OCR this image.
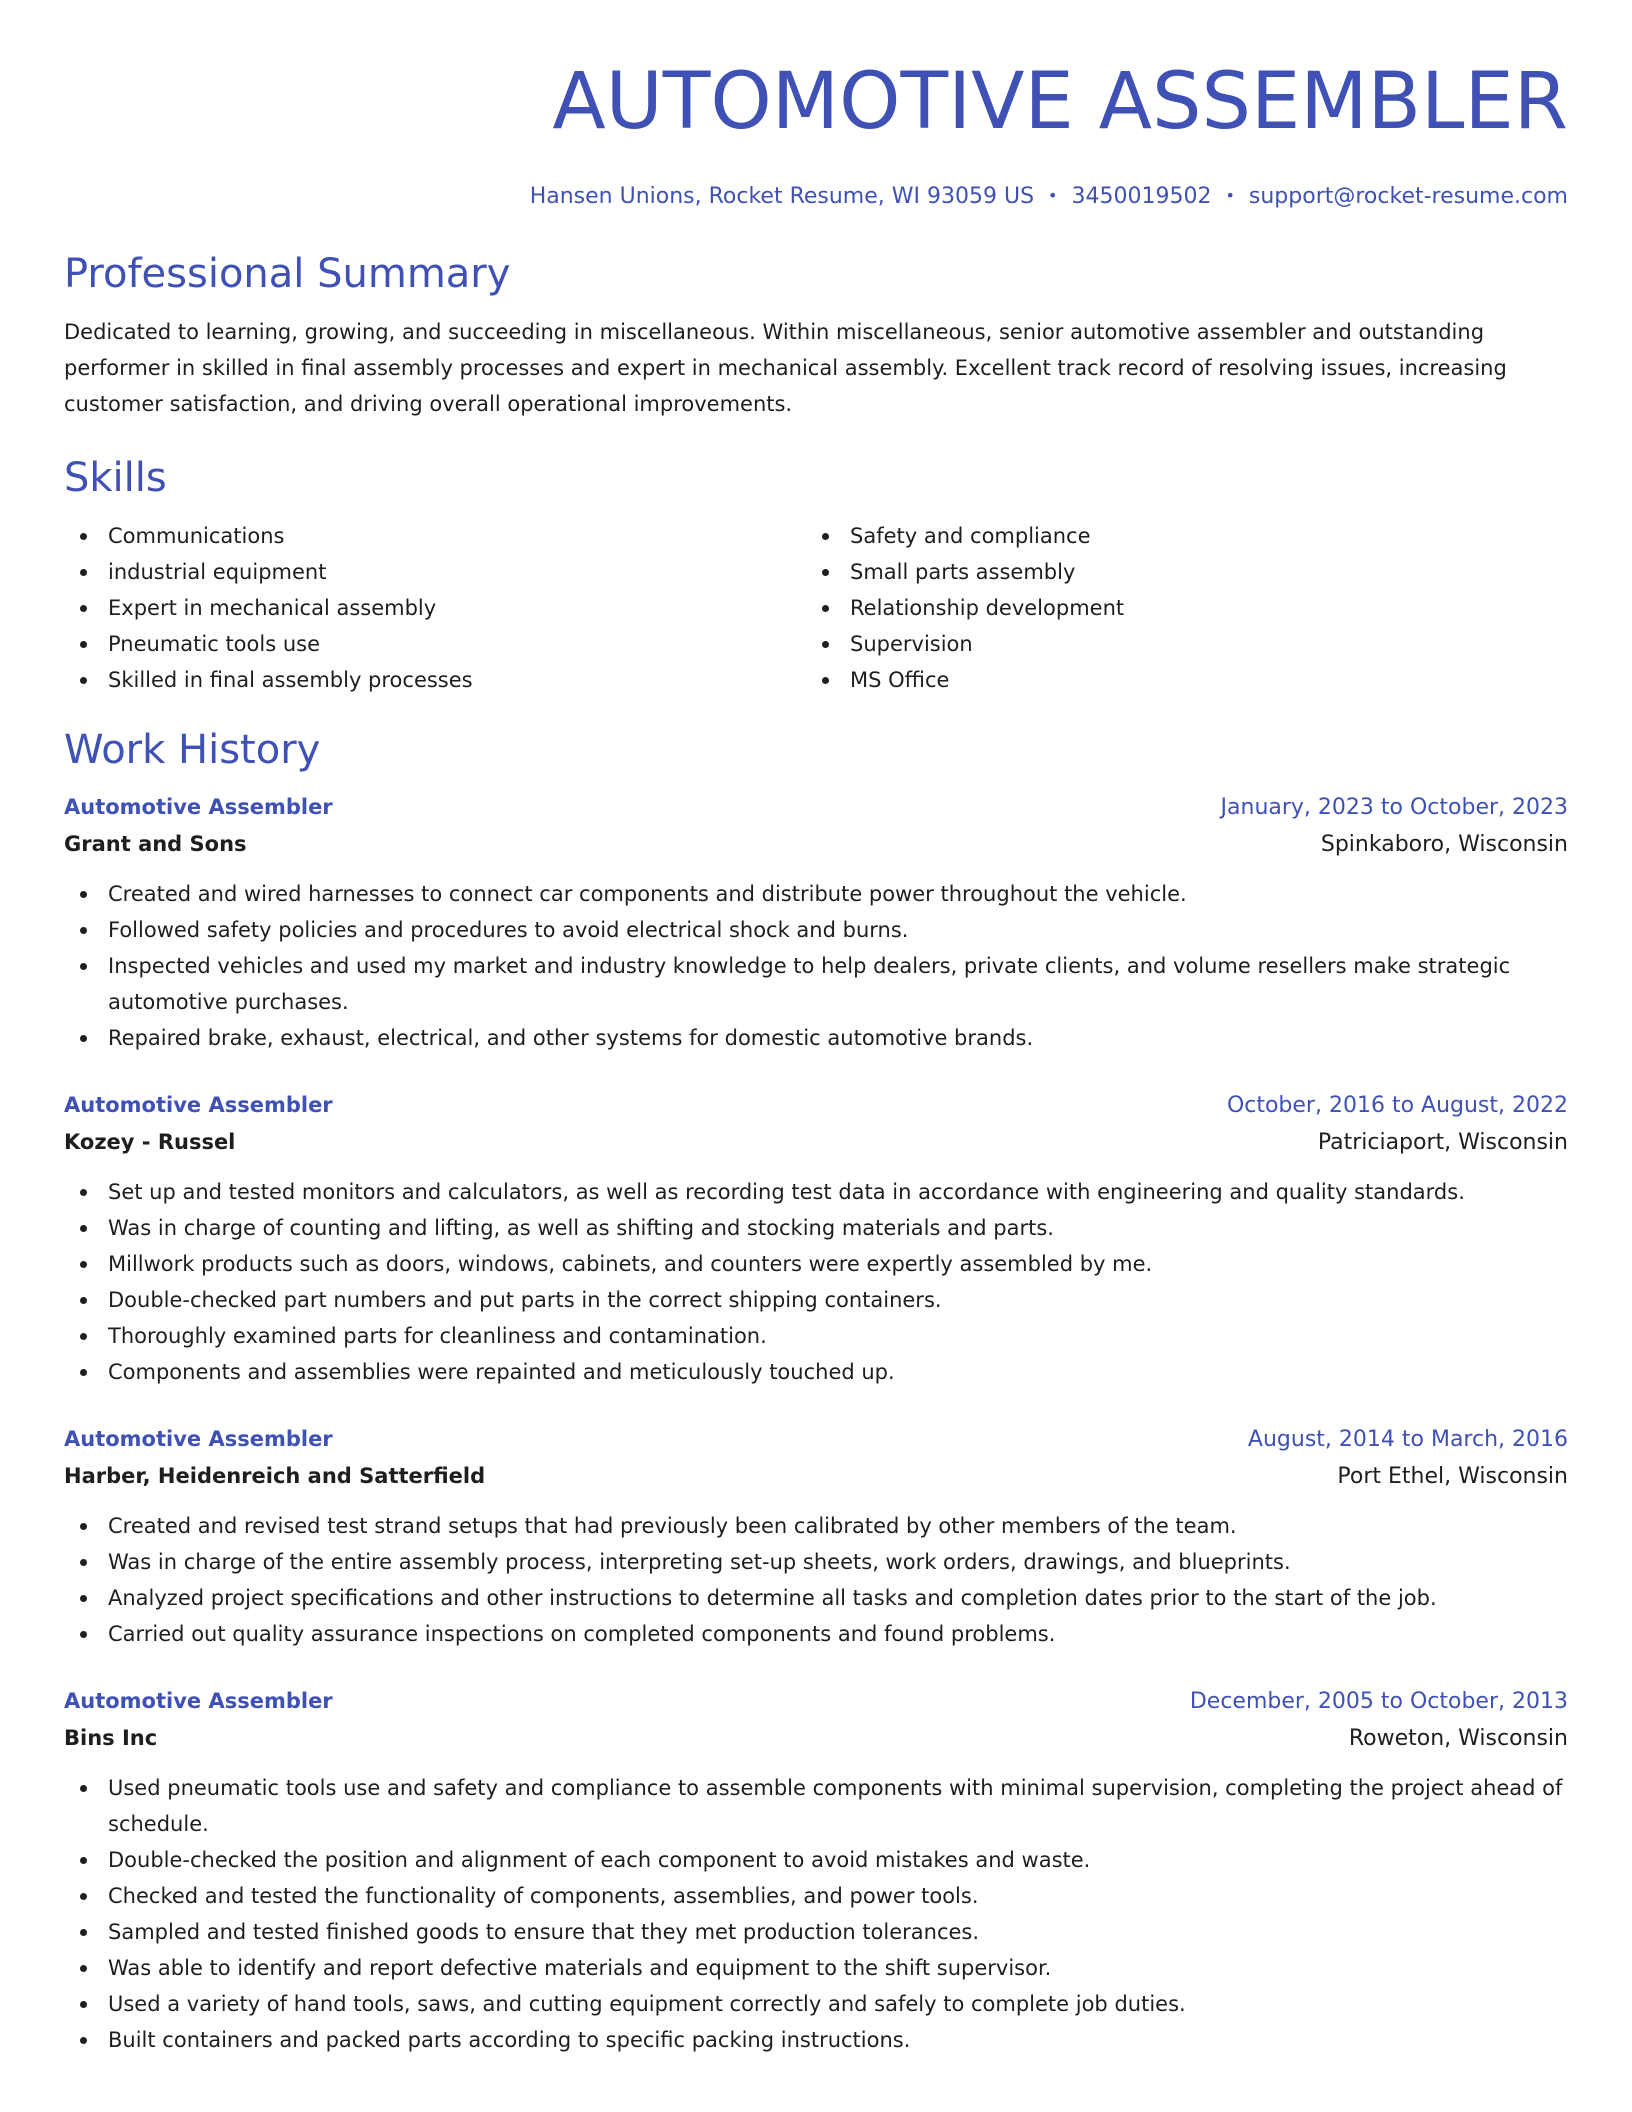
AUTOMOTIVE ASSEMBLER
Hansen Unions, Rocket Resume, WI 93059 US • 3450019502 • support@rocket-resume.com
Professional Summary

Dedicated to learning, growing, and succeeding in miscellaneous. Within miscellaneous, senior automotive assembler and outstanding performer in skilled in final assembly processes and expert in mechanical assembly. Excellent track record of resolving issues, increasing customer satisfaction, and driving overall operational improvements.

Skills
Communications
industrial equipment
Expert in mechanical assembly
Pneumatic tools use
Skilled in final assembly processes
Safety and compliance
Small parts assembly
Relationship development
Supervision
MS Office
Work History
Automotive Assembler	January, 2023 to October, 2023
Grant and Sons	Spinkaboro, Wisconsin
Created and wired harnesses to connect car components and distribute power throughout the vehicle.
Followed safety policies and procedures to avoid electrical shock and burns.
Inspected vehicles and used my market and industry knowledge to help dealers, private clients, and volume resellers make strategic automotive purchases.
Repaired brake, exhaust, electrical, and other systems for domestic automotive brands.
Automotive Assembler	October, 2016 to August, 2022
Kozey - Russel	Patriciaport, Wisconsin
Set up and tested monitors and calculators, as well as recording test data in accordance with engineering and quality standards.
Was in charge of counting and lifting, as well as shifting and stocking materials and parts.
Millwork products such as doors, windows, cabinets, and counters were expertly assembled by me.
Double-checked part numbers and put parts in the correct shipping containers.
Thoroughly examined parts for cleanliness and contamination.
Components and assemblies were repainted and meticulously touched up.
Automotive Assembler	August, 2014 to March, 2016
Harber, Heidenreich and Satterfield	Port Ethel, Wisconsin
Created and revised test strand setups that had previously been calibrated by other members of the team.
Was in charge of the entire assembly process, interpreting set-up sheets, work orders, drawings, and blueprints.
Analyzed project specifications and other instructions to determine all tasks and completion dates prior to the start of the job.
Carried out quality assurance inspections on completed components and found problems.
Automotive Assembler	December, 2005 to October, 2013
Bins Inc	Roweton, Wisconsin
Used pneumatic tools use and safety and compliance to assemble components with minimal supervision, completing the project ahead of schedule.
Double-checked the position and alignment of each component to avoid mistakes and waste.
Checked and tested the functionality of components, assemblies, and power tools.
Sampled and tested finished goods to ensure that they met production tolerances.
Was able to identify and report defective materials and equipment to the shift supervisor.
Used a variety of hand tools, saws, and cutting equipment correctly and safely to complete job duties.
Built containers and packed parts according to specific packing instructions.
